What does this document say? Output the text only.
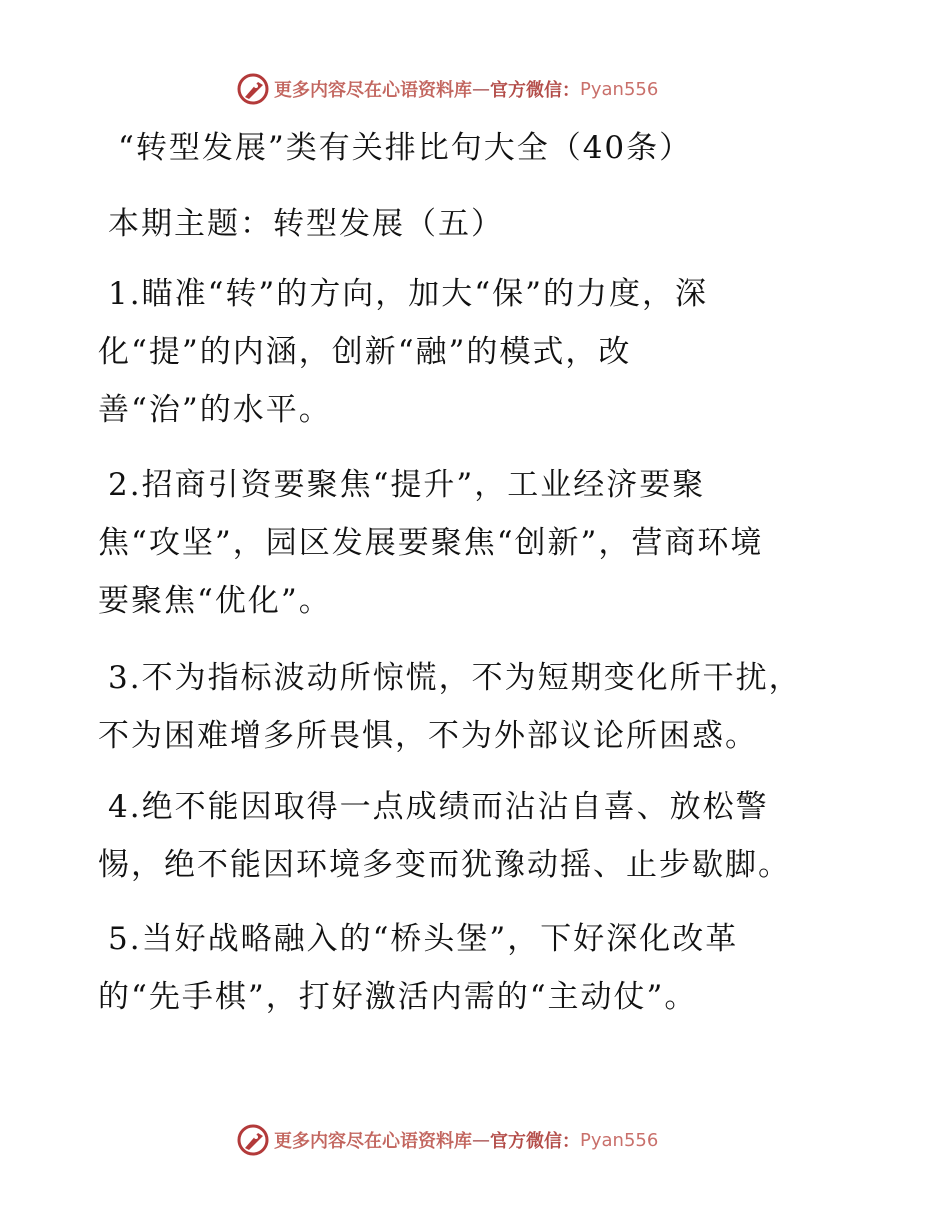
更多内容尽在心语资料库 — 官方微信： Pyan556
“转型发展”类有关排比句大全（40条）
本期主题：转型发展（五）
1.瞄准“转”的方向，加大“保”的力度，深
化“提”的内涵，创新“融”的模式，改
善“治”的水平。
2.招商引资要聚焦“提升”，工业经济要聚
焦“攻坚”，园区发展要聚焦“创新”，营商环境
要聚焦“优化”。
3.不为指标波动所惊慌，不为短期变化所干扰，
不为困难增多所畏惧，不为外部议论所困惑。
4.绝不能因取得一点成绩而沾沾自喜、放松警
惕，绝不能因环境多变而犹豫动摇、止步歇脚。
5.当好战略融入的“桥头堡”，下好深化改革
的“先手棋”，打好激活内需的“主动仗”。
更多内容尽在心语资料库 — 官方微信： Pyan556
